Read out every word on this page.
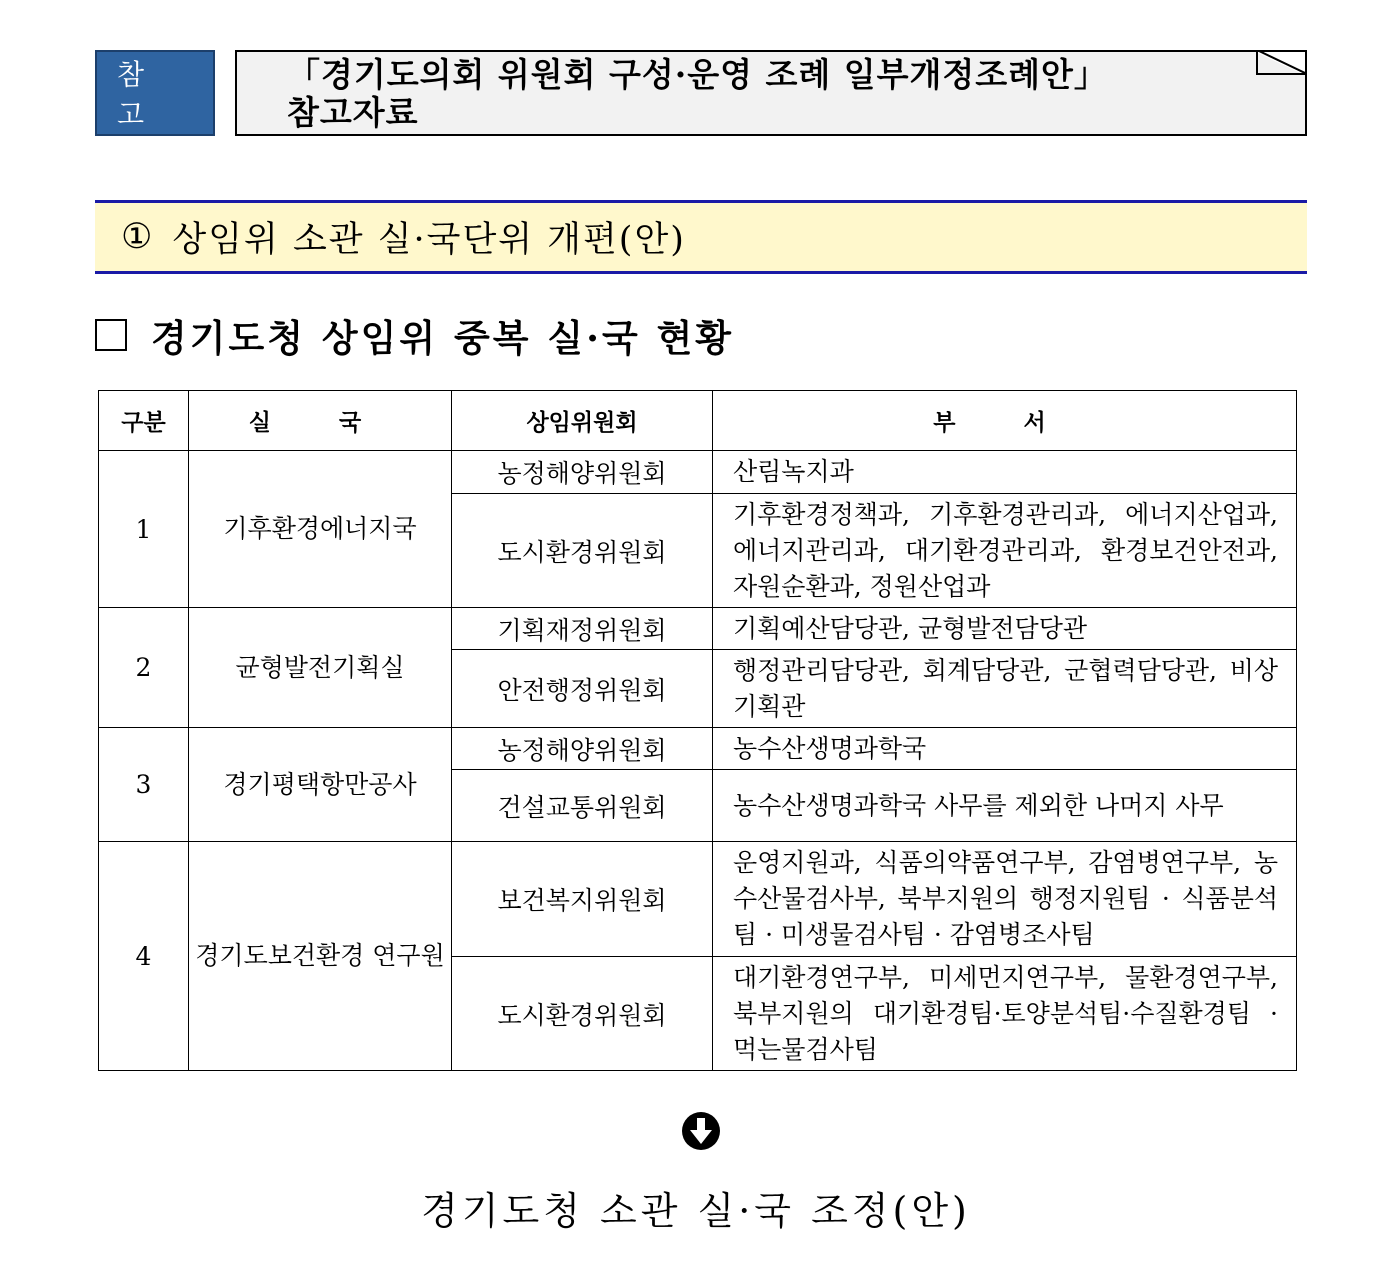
참 고
「경기도의회 위원회 구성·운영 조례 일부개정조례안」 참고자료
① 상임위 소관 실·국단위 개편(안)
경기도청 상임위 중복 실·국 현황
구분	실 국	상임위원회	부 서
1	기후환경에너지국	농정해양위원회	산림녹지과
		도시환경위원회	기후환경정책과, 기후환경관리과, 에너지산업과, 에너지관리과, 대기환경관리과, 환경보건안전과, 자원순환과, 정원산업과
2	균형발전기획실	기획재정위원회	기획예산담당관, 균형발전담당관
		안전행정위원회	행정관리담당관, 회계담당관, 군협력담당관, 비상기획관
3	경기평택항만공사	농정해양위원회	농수산생명과학국
		건설교통위원회	농수산생명과학국 사무를 제외한 나머지 사무
4	경기도보건환경 연구원	보건복지위원회	운영지원과, 식품의약품연구부, 감염병연구부, 농수산물검사부, 북부지원의 행정지원팀 · 식품분석팀 · 미생물검사팀 · 감염병조사팀
		도시환경위원회	대기환경연구부, 미세먼지연구부, 물환경연구부, 북부지원의 대기환경팀·토양분석팀·수질환경팀 · 먹는물검사팀
경기도청 소관 실·국 조정(안)
